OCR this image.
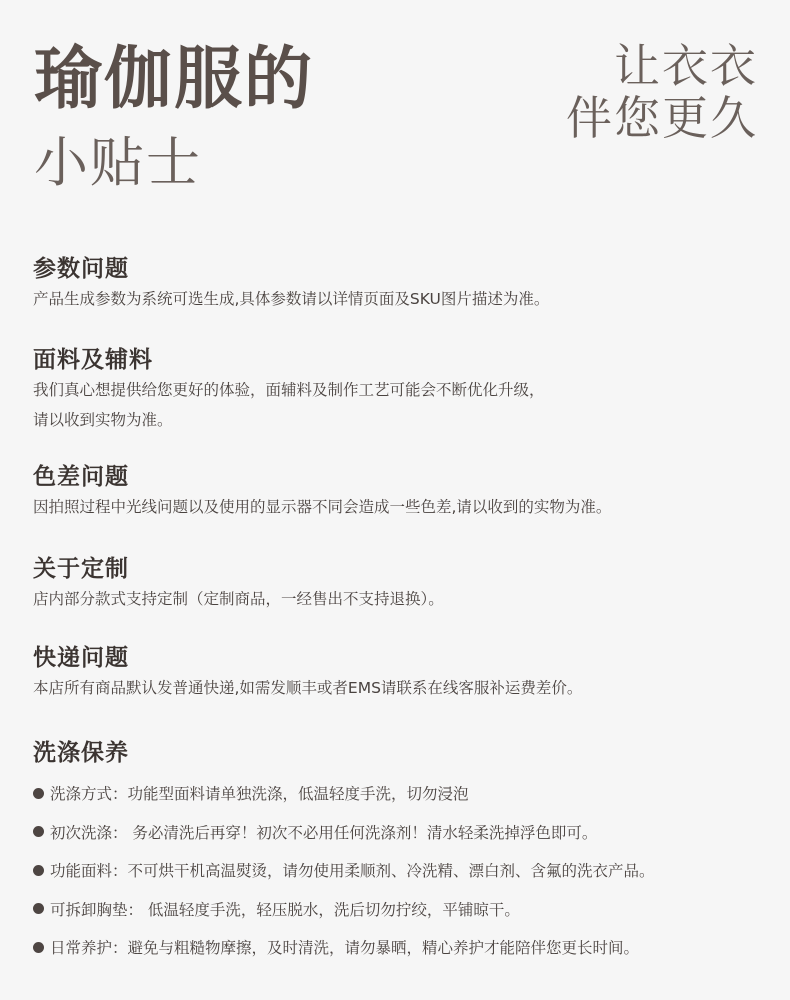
瑜伽服的
小贴士
让衣衣
伴您更久
参数问题
产品生成参数为系统可选生成,具体参数请以详情页面及SKU图片描述为准。
面料及辅料
我们真心想提供给您更好的体验，面辅料及制作工艺可能会不断优化升级，
请以收到实物为准。
色差问题
因拍照过程中光线问题以及使用的显示器不同会造成一些色差,请以收到的实物为准。
关于定制
店内部分款式支持定制（定制商品，一经售出不支持退换）。
快递问题
本店所有商品默认发普通快递,如需发顺丰或者EMS请联系在线客服补运费差价。
洗涤保养
洗涤方式：功能型面料请单独洗涤，低温轻度手洗，切勿浸泡
初次洗涤： 务必清洗后再穿！初次不必用任何洗涤剂！清水轻柔洗掉浮色即可。
功能面料：不可烘干机高温熨烫，请勿使用柔顺剂、冷洗精、漂白剂、含氟的洗衣产品。
可拆卸胸垫： 低温轻度手洗，轻压脱水，洗后切勿拧绞，平铺晾干。
日常养护：避免与粗糙物摩擦，及时清洗，请勿暴晒，精心养护才能陪伴您更长时间。
